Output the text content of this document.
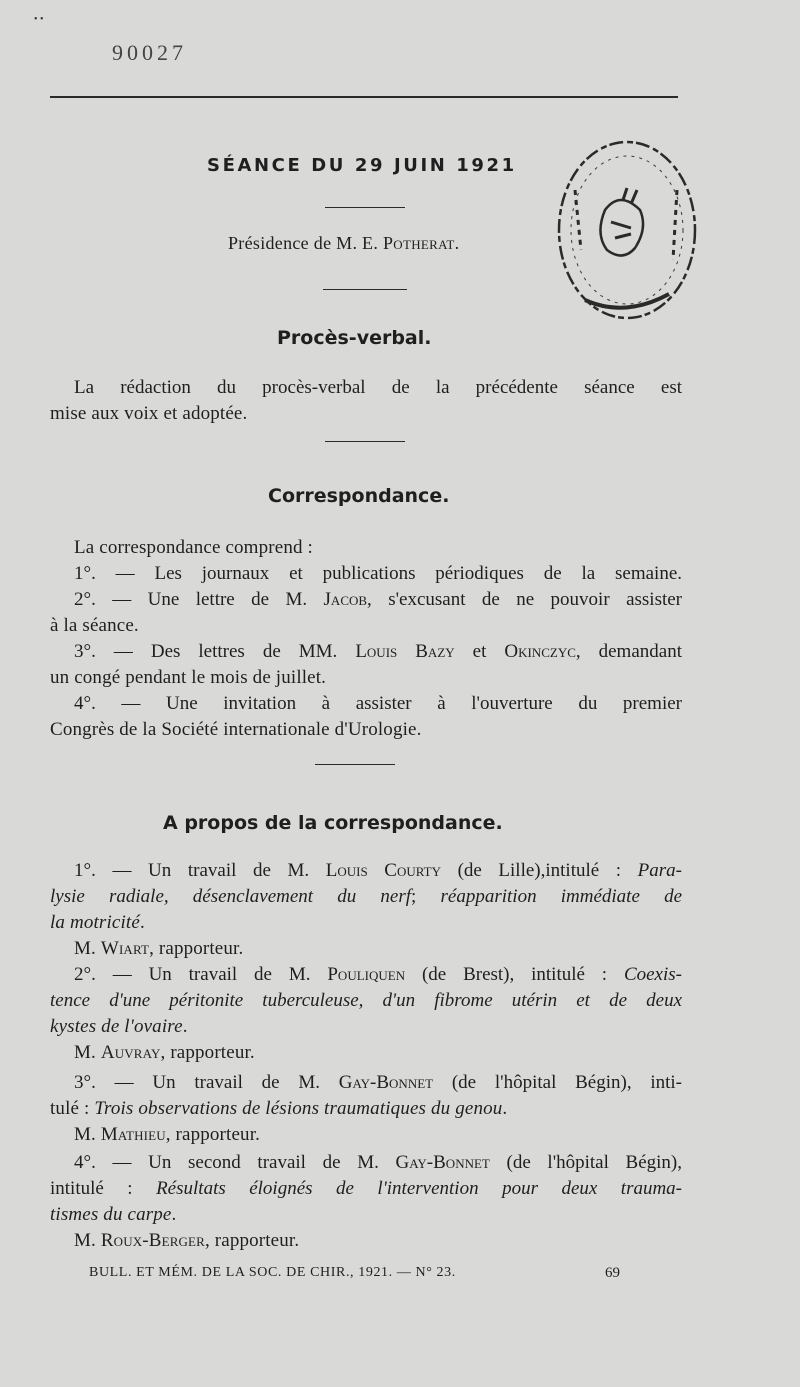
• •
90027
SÉANCE DU 29 JUIN 1921
Présidence de M. E. Potherat.
Procès-verbal.
La rédaction du procès-verbal de la précédente séance est
mise aux voix et adoptée.
Correspondance.
La correspondance comprend :
1°. — Les journaux et publications périodiques de la semaine.
2°. — Une lettre de M. Jacob, s'excusant de ne pouvoir assister
à la séance.
3°. — Des lettres de MM. Louis Bazy et Okinczyc, demandant
un congé pendant le mois de juillet.
4°. — Une invitation à assister à l'ouverture du premier
Congrès de la Société internationale d'Urologie.
A propos de la correspondance.
1°. — Un travail de M. Louis Courty (de Lille),intitulé : Para-
lysie radiale, désenclavement du nerf; réapparition immédiate de
la motricité.
M. Wiart, rapporteur.
2°. — Un travail de M. Pouliquen (de Brest), intitulé : Coexis-
tence d'une péritonite tuberculeuse, d'un fibrome utérin et de deux
kystes de l'ovaire.
M. Auvray, rapporteur.
3°. — Un travail de M. Gay-Bonnet (de l'hôpital Bégin), inti-
tulé : Trois observations de lésions traumatiques du genou.
M. Mathieu, rapporteur.
4°. — Un second travail de M. Gay-Bonnet (de l'hôpital Bégin),
intitulé : Résultats éloignés de l'intervention pour deux trauma-
tismes du carpe.
M. Roux-Berger, rapporteur.
BULL. ET MÉM. DE LA SOC. DE CHIR., 1921. — N° 23.	69
